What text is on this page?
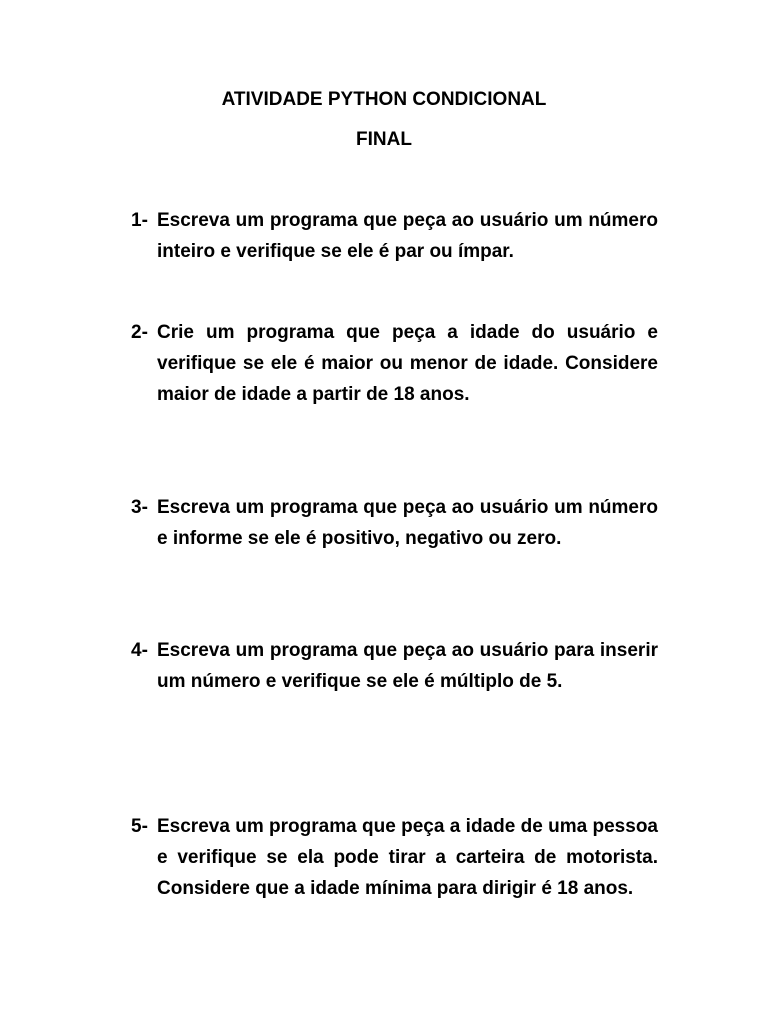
ATIVIDADE PYTHON CONDICIONAL
FINAL
1- Escreva um programa que peça ao usuário um número inteiro e verifique se ele é par ou ímpar.
2- Crie um programa que peça a idade do usuário e verifique se ele é maior ou menor de idade. Considere maior de idade a partir de 18 anos.
3- Escreva um programa que peça ao usuário um número e informe se ele é positivo, negativo ou zero.
4- Escreva um programa que peça ao usuário para inserir um número e verifique se ele é múltiplo de 5.
5- Escreva um programa que peça a idade de uma pessoa e verifique se ela pode tirar a carteira de motorista. Considere que a idade mínima para dirigir é 18 anos.
